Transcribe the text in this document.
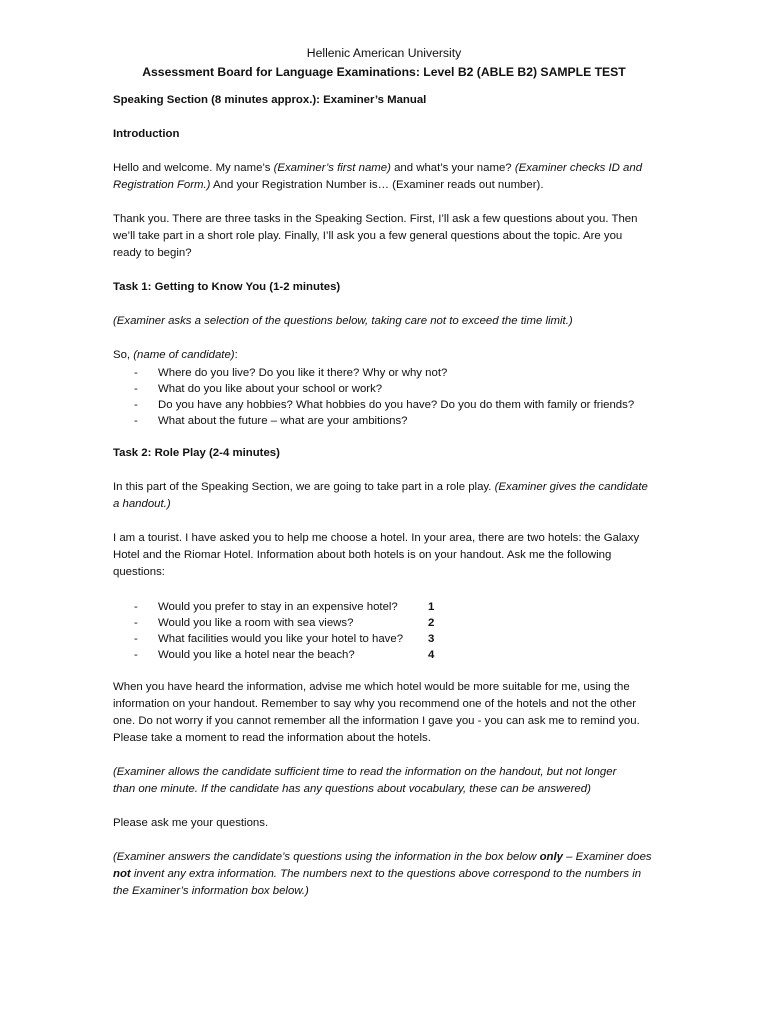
Hellenic American University

Assessment Board for Language Examinations: Level B2 (ABLE B2) SAMPLE TEST

Speaking Section (8 minutes approx.): Examiner’s Manual

Introduction

Hello and welcome. My name’s (Examiner’s first name) and what’s your name? (Examiner checks ID and

Registration Form.) And your Registration Number is… (Examiner reads out number).

Thank you. There are three tasks in the Speaking Section. First, I’ll ask a few questions about you. Then

we’ll take part in a short role play. Finally, I’ll ask you a few general questions about the topic. Are you

ready to begin?

Task 1: Getting to Know You (1-2 minutes)

(Examiner asks a selection of the questions below, taking care not to exceed the time limit.)

So, (name of candidate):

- Where do you live? Do you like it there? Why or why not?
- What do you like about your school or work?
- Do you have any hobbies? What hobbies do you have? Do you do them with family or friends?
- What about the future – what are your ambitions?

Task 2: Role Play (2-4 minutes)

In this part of the Speaking Section, we are going to take part in a role play. (Examiner gives the candidate

a handout.)

I am a tourist. I have asked you to help me choose a hotel. In your area, there are two hotels: the Galaxy

Hotel and the Riomar Hotel. Information about both hotels is on your handout. Ask me the following

questions:

- Would you prefer to stay in an expensive hotel?	1
- Would you like a room with sea views?	2
- What facilities would you like your hotel to have? 3
- Would you like a hotel near the beach?	4

When you have heard the information, advise me which hotel would be more suitable for me, using the

information on your handout. Remember to say why you recommend one of the hotels and not the other

one. Do not worry if you cannot remember all the information I gave you - you can ask me to remind you.

Please take a moment to read the information about the hotels.

(Examiner allows the candidate sufficient time to read the information on the handout, but not longer

than one minute. If the candidate has any questions about vocabulary, these can be answered)

Please ask me your questions.

(Examiner answers the candidate’s questions using the information in the box below only – Examiner does

not invent any extra information. The numbers next to the questions above correspond to the numbers in

the Examiner’s information box below.)
